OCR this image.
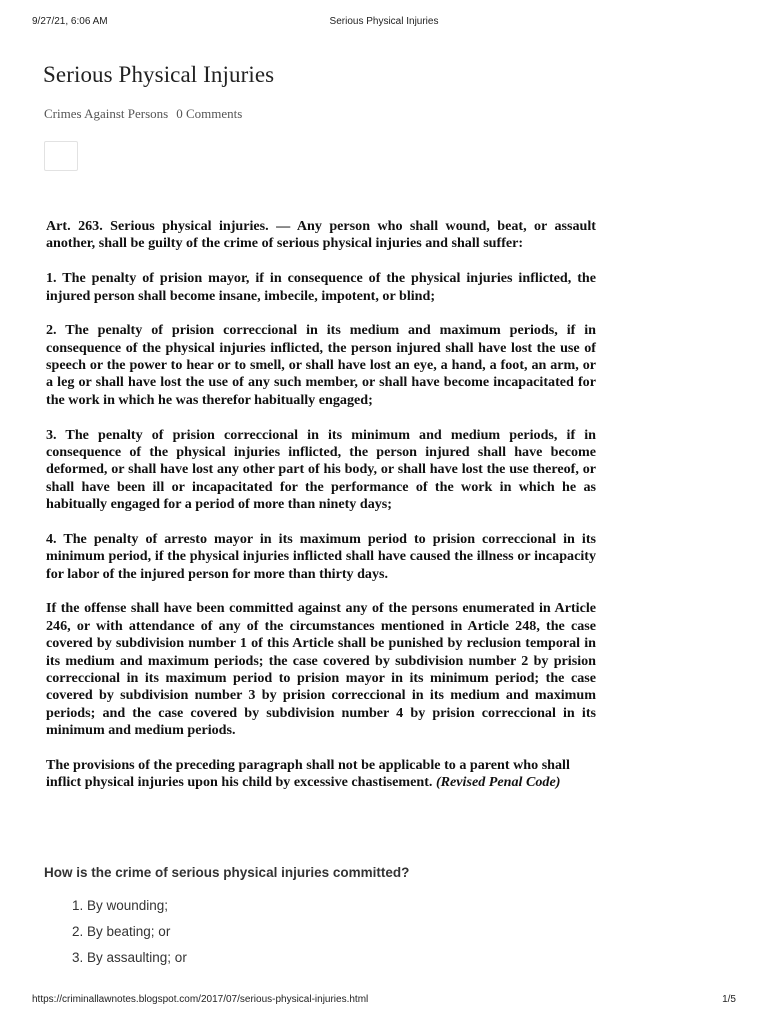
9/27/21, 6:06 AM	Serious Physical Injuries
Serious Physical Injuries
Crimes Against Persons 0 Comments

Art. 263. Serious physical injuries. — Any person who shall wound, beat, or assault another, shall be guilty of the crime of serious physical injuries and shall suffer:

1. The penalty of prision mayor, if in consequence of the physical injuries inflicted, the injured person shall become insane, imbecile, impotent, or blind;

2. The penalty of prision correccional in its medium and maximum periods, if in consequence of the physical injuries inflicted, the person injured shall have lost the use of speech or the power to hear or to smell, or shall have lost an eye, a hand, a foot, an arm, or a leg or shall have lost the use of any such member, or shall have become incapacitated for the work in which he was therefor habitually engaged;

3. The penalty of prision correccional in its minimum and medium periods, if in consequence of the physical injuries inflicted, the person injured shall have become deformed, or shall have lost any other part of his body, or shall have lost the use thereof, or shall have been ill or incapacitated for the performance of the work in which he as habitually engaged for a period of more than ninety days;

4. The penalty of arresto mayor in its maximum period to prision correccional in its minimum period, if the physical injuries inflicted shall have caused the illness or incapacity for labor of the injured person for more than thirty days.

If the offense shall have been committed against any of the persons enumerated in Article 246, or with attendance of any of the circumstances mentioned in Article 248, the case covered by subdivision number 1 of this Article shall be punished by reclusion temporal in its medium and maximum periods; the case covered by subdivision number 2 by prision correccional in its maximum period to prision mayor in its minimum period; the case covered by subdivision number 3 by prision correccional in its medium and maximum periods; and the case covered by subdivision number 4 by prision correccional in its minimum and medium periods.

The provisions of the preceding paragraph shall not be applicable to a parent who shall inflict physical injuries upon his child by excessive chastisement. (Revised Penal Code)

How is the crime of serious physical injuries committed?
1. By wounding;
2. By beating; or
3. By assaulting; or
https://criminallawnotes.blogspot.com/2017/07/serious-physical-injuries.html	1/5
